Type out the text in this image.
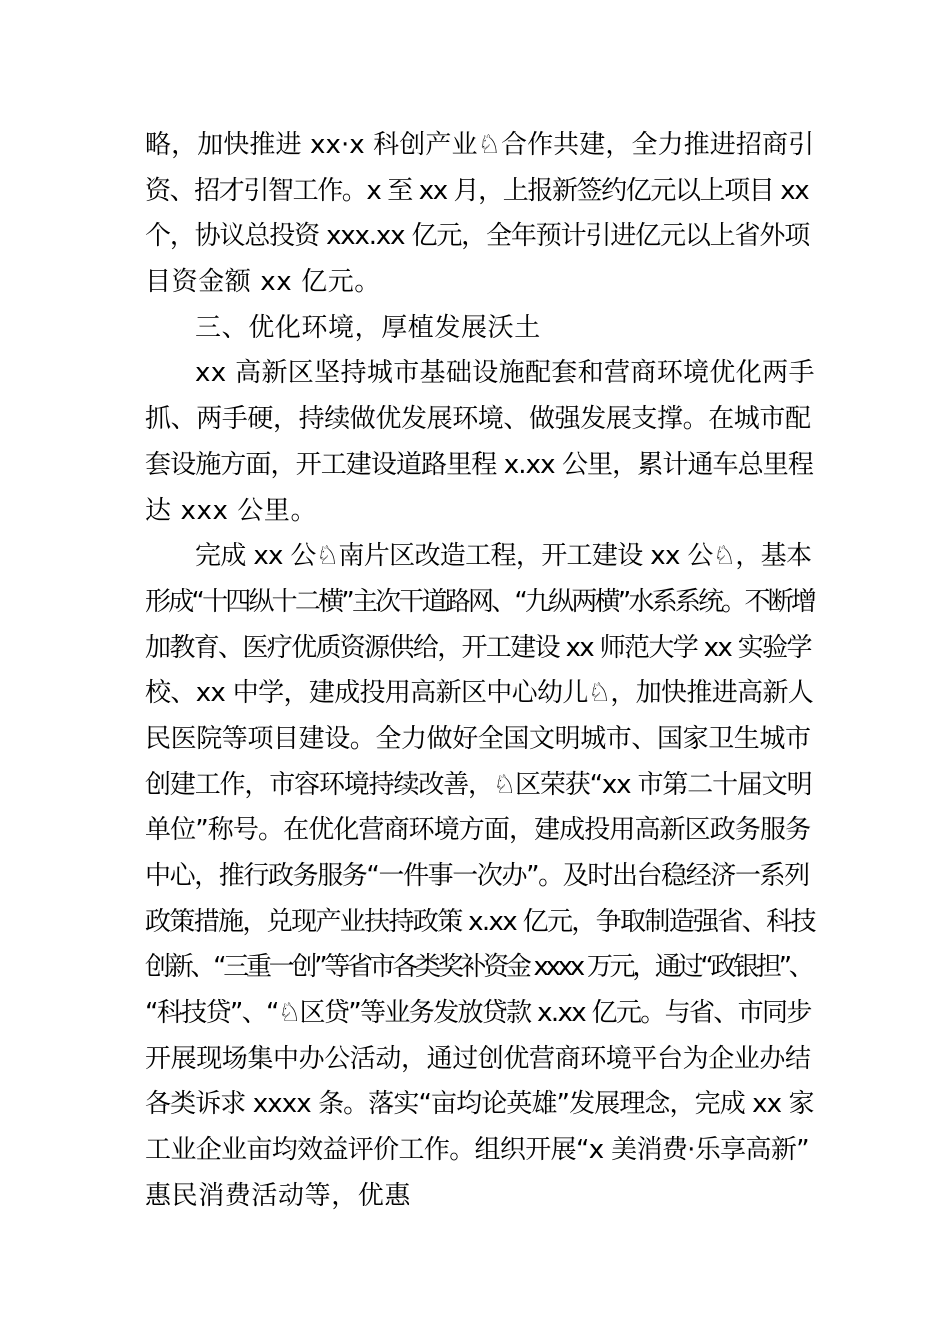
略，加快推进 xx·x 科创产业♘合作共建，全力推进招商引
资、招才引智工作。x 至 xx 月，上报新签约亿元以上项目 xx
个，协议总投资 xxx.xx 亿元，全年预计引进亿元以上省外项
目资金额 xx 亿元。
三、优化环境，厚植发展沃土
xx 高新区坚持城市基础设施配套和营商环境优化两手
抓、两手硬，持续做优发展环境、做强发展支撑。在城市配
套设施方面，开工建设道路里程 x.xx 公里，累计通车总里程
达 xxx 公里。
完成 xx 公♘南片区改造工程，开工建设 xx 公♘，基本
形成“十四纵十二横”主次干道路网、“九纵两横”水系系统。不断增
加教育、医疗优质资源供给，开工建设 xx 师范大学 xx 实验学
校、xx 中学，建成投用高新区中心幼儿♘，加快推进高新人
民医院等项目建设。全力做好全国文明城市、国家卫生城市
创建工作，市容环境持续改善，♘区荣获“xx 市第二十届文明
单位”称号。在优化营商环境方面，建成投用高新区政务服务
中心，推行政务服务“一件事一次办”。及时出台稳经济一系列
政策措施，兑现产业扶持政策 x.xx 亿元，争取制造强省、科技
创新、“三重一创”等省市各类奖补资金 xxxx 万元，通过“政银担”、
“科技贷”、“♘区贷”等业务发放贷款 x.xx 亿元。与省、市同步
开展现场集中办公活动，通过创优营商环境平台为企业办结
各类诉求 xxxx 条。落实“亩均论英雄”发展理念，完成 xx 家
工业企业亩均效益评价工作。组织开展“x 美消费·乐享高新”
惠民消费活动等，优惠
